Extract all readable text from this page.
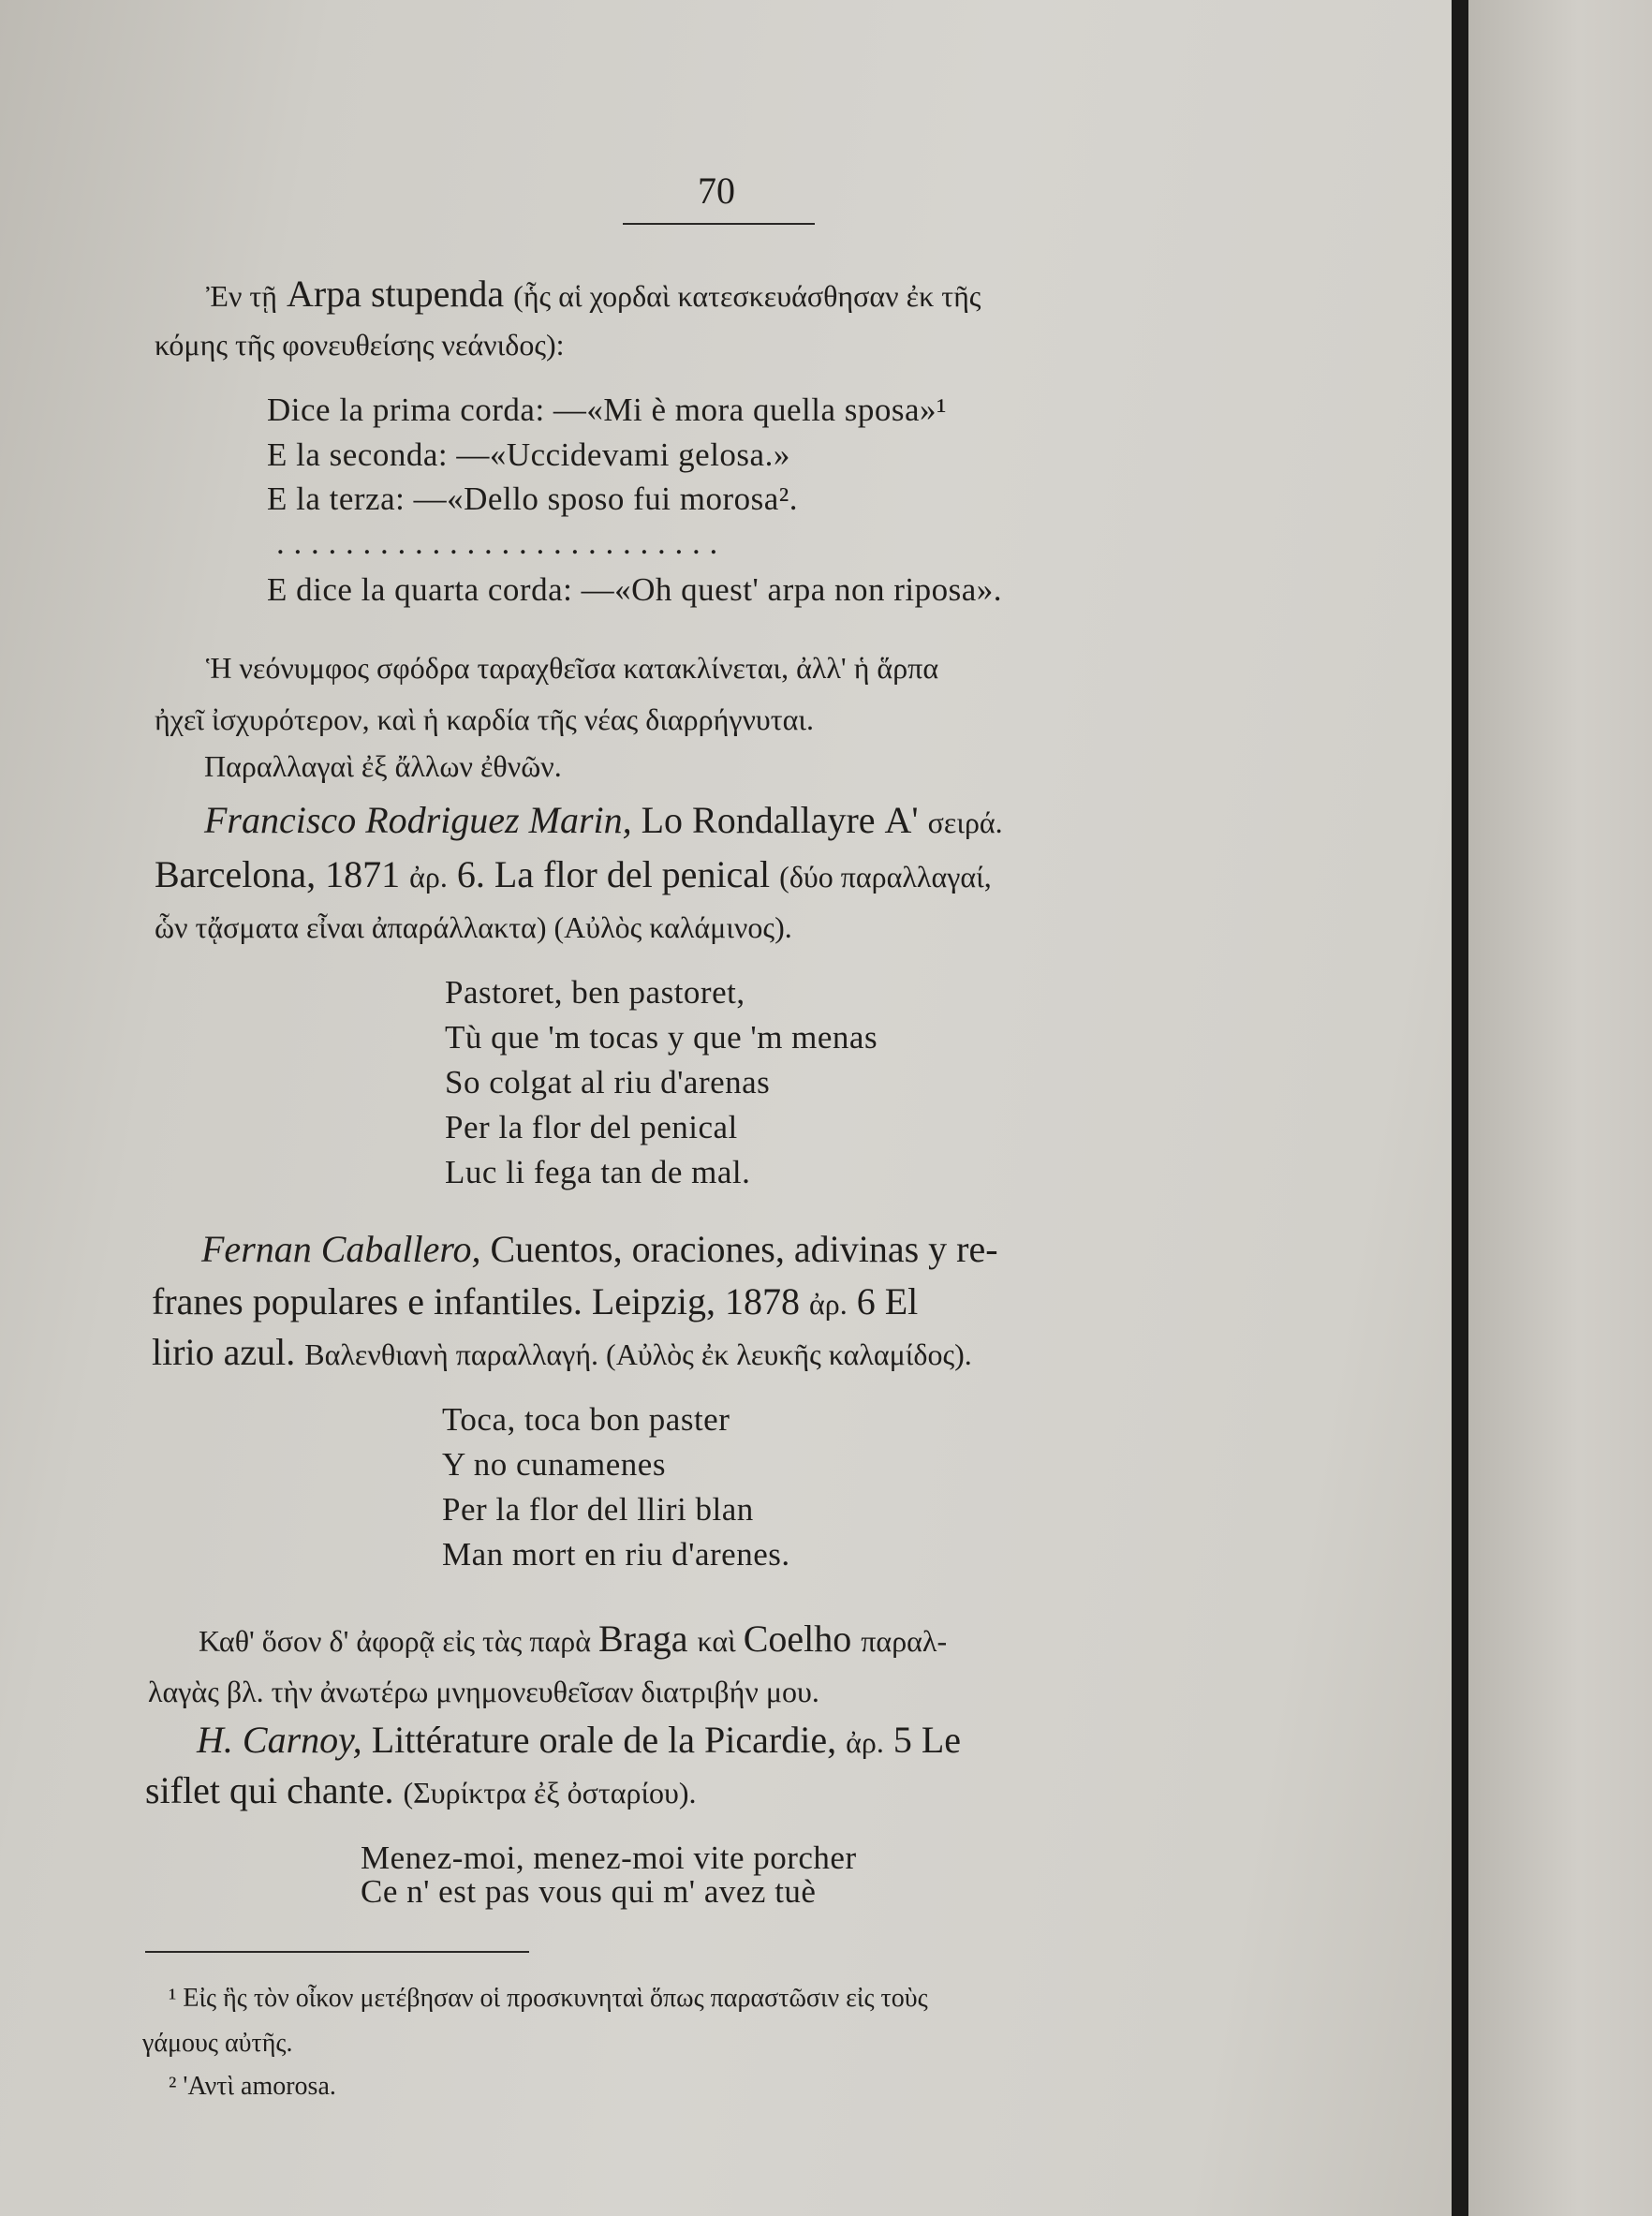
70
Ἐν τῇ Arpa stupenda (ἧς αἱ χορδαὶ κατεσκευάσθησαν ἐκ τῆς
κόμης τῆς φονευθείσης νεάνιδος):
Dice la prima corda: —«Mi è mora quella sposa»¹
E la seconda: —«Uccidevami gelosa.»
E la terza: —«Dello sposo fui morosa².
. . . . . . . . . . . . . . . . . . . . . . . . . .
E dice la quarta corda: —«Oh quest' arpa non riposa».
Ἡ νεόνυμφος σφόδρα ταραχθεῖσα κατακλίνεται, ἀλλ' ἡ ἅρπα
ἠχεῖ ἰσχυρότερον, καὶ ἡ καρδία τῆς νέας διαρρήγνυται.
Παραλλαγαὶ ἐξ ἄλλων ἐθνῶν.
Francisco Rodriguez Marin, Lo Rondallayre Α' σειρά.
Barcelona, 1871 ἀρ. 6. La flor del penical (δύο παραλλαγαί,
ὧν τᾄσματα εἶναι ἀπαράλλακτα) (Αὐλὸς καλάμινος).
Pastoret, ben pastoret,
Tù que 'm tocas y que 'm menas
So colgat al riu d'arenas
Per la flor del penical
Luc li fega tan de mal.
Fernan Caballero, Cuentos, oraciones, adivinas y re-
franes populares e infantiles. Leipzig, 1878 ἀρ. 6 El
lirio azul. Βαλενθιανὴ παραλλαγή. (Αὐλὸς ἐκ λευκῆς καλαμίδος).
Toca, toca bon paster
Y no cunamenes
Per la flor del lliri blan
Man mort en riu d'arenes.
Καθ' ὅσον δ' ἀφορᾷ εἰς τὰς παρὰ Braga καὶ Coelho παραλ-
λαγὰς βλ. τὴν ἀνωτέρω μνημονευθεῖσαν διατριβήν μου.
H. Carnoy, Littérature orale de la Picardie, ἀρ. 5 Le
siflet qui chante. (Συρίκτρα ἐξ ὀσταρίου).
Menez-moi, menez-moi vite porcher
Ce n' est pas vous qui m' avez tuè
¹ Εἰς ἣς τὸν οἶκον μετέβησαν οἱ προσκυνηταὶ ὅπως παραστῶσιν εἰς τοὺς
γάμους αὐτῆς.
² 'Αντὶ amorosa.
